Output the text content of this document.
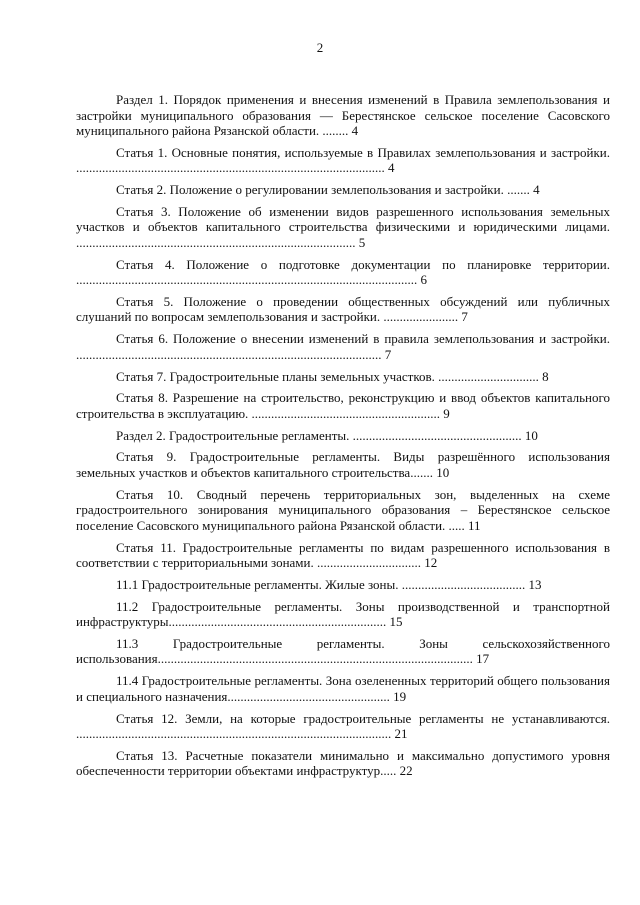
2

Раздел 1. Порядок применения и внесения изменений в Правила землепользования и застройки муниципального образования — Берестянское сельское поселение Сасовского муниципального района Рязанской области. ........ 4

Статья 1. Основные понятия, используемые в Правилах землепользования и застройки. ............................................................................................... 4

Статья 2. Положение о регулировании землепользования и застройки. ....... 4

Статья 3. Положение об изменении видов разрешенного использования земельных участков и объектов капитального строительства физическими и юридическими лицами. ...................................................................................... 5

Статья 4. Положение о подготовке документации по планировке территории. ......................................................................................................... 6

Статья 5. Положение о проведении общественных обсуждений или публичных слушаний по вопросам землепользования и застройки. ....................... 7

Статья 6. Положение о внесении изменений в правила землепользования и застройки. .............................................................................................. 7

Статья 7. Градостроительные планы земельных участков. ............................... 8

Статья 8. Разрешение на строительство, реконструкцию и ввод объектов капитального строительства в эксплуатацию. .......................................................... 9

Раздел 2. Градостроительные регламенты. .................................................... 10

Статья 9. Градостроительные регламенты. Виды разрешённого использования земельных участков и объектов капитального строительства....... 10

Статья 10. Сводный перечень территориальных зон, выделенных на схеме градостроительного зонирования муниципального образования – Берестянское сельское поселение Сасовского муниципального района Рязанской области. ..... 11

Статья 11. Градостроительные регламенты по видам разрешенного использования в соответствии с территориальными зонами. ................................ 12

11.1 Градостроительные регламенты. Жилые зоны. ...................................... 13

11.2 Градостроительные регламенты. Зоны производственной и транспортной инфраструктуры................................................................... 15

11.3 Градостроительные регламенты. Зоны сельскохозяйственного использования................................................................................................. 17

11.4 Градостроительные регламенты. Зона озелененных территорий общего пользования и специального назначения.................................................. 19

Статья 12. Земли, на которые градостроительные регламенты не устанавливаются. ................................................................................................. 21

Статья 13. Расчетные показатели минимально и максимально допустимого уровня обеспеченности территории объектами инфраструктур..... 22
